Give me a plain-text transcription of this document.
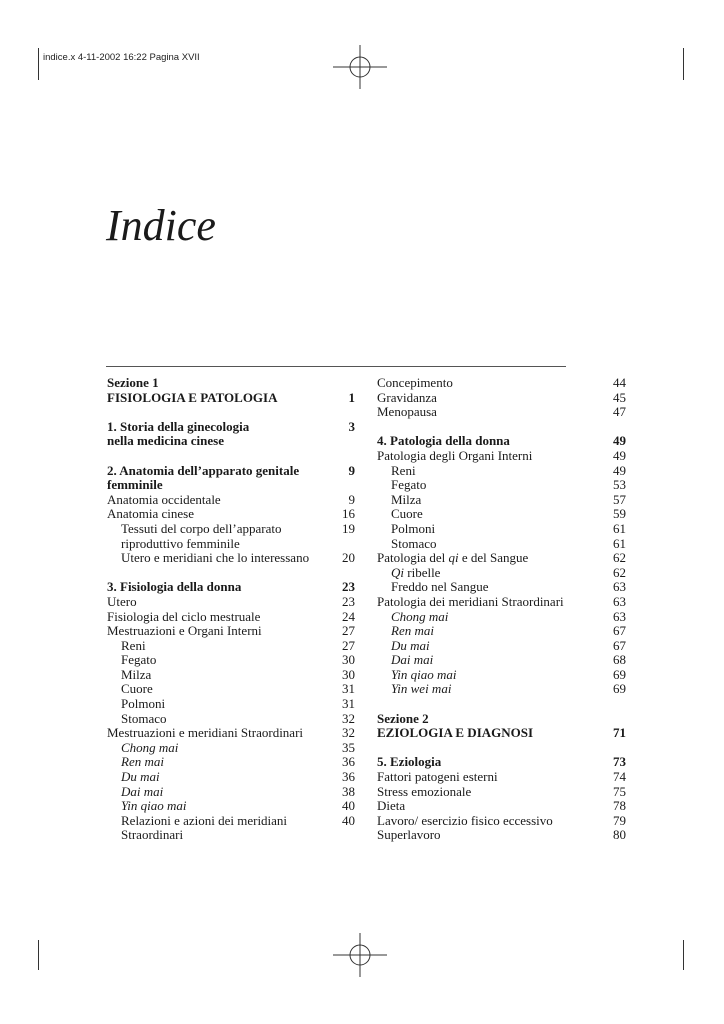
indice.x 4-11-2002 16:22 Pagina XVII
Indice
Sezione 1
FISIOLOGIA E PATOLOGIA	1
1. Storia della ginecologia	3
nella medicina cinese
2. Anatomia dell’apparato genitale	9
femminile
Anatomia occidentale	9
Anatomia cinese	16
Tessuti del corpo dell’apparato	19
riproduttivo femminile
Utero e meridiani che lo interessano	20
3. Fisiologia della donna	23
Utero	23
Fisiologia del ciclo mestruale	24
Mestruazioni e Organi Interni	27
Reni	27
Fegato	30
Milza	30
Cuore	31
Polmoni	31
Stomaco	32
Mestruazioni e meridiani Straordinari	32
Chong mai	35
Ren mai	36
Du mai	36
Dai mai	38
Yin qiao mai	40
Relazioni e azioni dei meridiani	40
Straordinari
Concepimento	44
Gravidanza	45
Menopausa	47
4. Patologia della donna	49
Patologia degli Organi Interni	49
Reni	49
Fegato	53
Milza	57
Cuore	59
Polmoni	61
Stomaco	61
Patologia del qi e del Sangue	62
Qi ribelle	62
Freddo nel Sangue	63
Patologia dei meridiani Straordinari	63
Chong mai	63
Ren mai	67
Du mai	67
Dai mai	68
Yin qiao mai	69
Yin wei mai	69
Sezione 2
EZIOLOGIA E DIAGNOSI	71
5. Eziologia	73
Fattori patogeni esterni	74
Stress emozionale	75
Dieta	78
Lavoro/ esercizio fisico eccessivo	79
Superlavoro	80
